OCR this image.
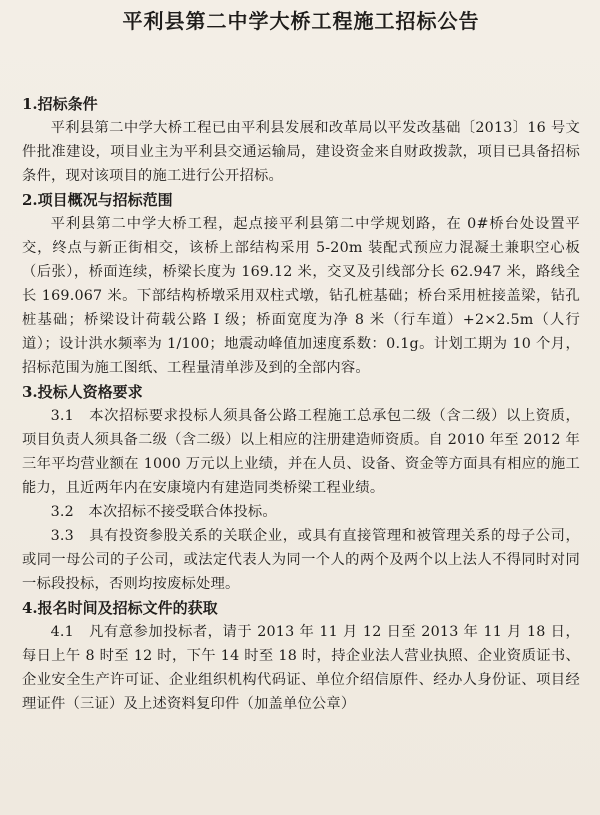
平利县第二中学大桥工程施工招标公告
1.招标条件

平利县第二中学大桥工程已由平利县发展和改革局以平发改基础〔2013〕16 号文件批准建设，项目业主为平利县交通运输局，建设资金来自财政拨款，项目已具备招标条件，现对该项目的施工进行公开招标。

2.项目概况与招标范围

平利县第二中学大桥工程，起点接平利县第二中学规划路，在 0#桥台处设置平交，终点与新正街相交，该桥上部结构采用 5-20m 装配式预应力混凝土兼职空心板（后张），桥面连续，桥梁长度为 169.12 米，交叉及引线部分长 62.947 米，路线全长 169.067 米。下部结构桥墩采用双柱式墩，钻孔桩基础；桥台采用桩接盖梁，钻孔桩基础；桥梁设计荷载公路 I 级；桥面宽度为净 8 米（行车道）+2×2.5m（人行道）；设计洪水频率为 1/100；地震动峰值加速度系数：0.1g。计划工期为 10 个月，招标范围为施工图纸、工程量清单涉及到的全部内容。

3.投标人资格要求

3.1　本次招标要求投标人须具备公路工程施工总承包二级（含二级）以上资质，项目负责人须具备二级（含二级）以上相应的注册建造师资质。自 2010 年至 2012 年三年平均营业额在 1000 万元以上业绩，并在人员、设备、资金等方面具有相应的施工能力，且近两年内在安康境内有建造同类桥梁工程业绩。

3.2　本次招标不接受联合体投标。

3.3　具有投资参股关系的关联企业，或具有直接管理和被管理关系的母子公司，或同一母公司的子公司，或法定代表人为同一个人的两个及两个以上法人不得同时对同一标段投标，否则均按废标处理。

4.报名时间及招标文件的获取

4.1　凡有意参加投标者，请于 2013 年 11 月 12 日至 2013 年 11 月 18 日，每日上午 8 时至 12 时，下午 14 时至 18 时，持企业法人营业执照、企业资质证书、企业安全生产许可证、企业组织机构代码证、单位介绍信原件、经办人身份证、项目经理证件（三证）及上述资料复印件（加盖单位公章）
